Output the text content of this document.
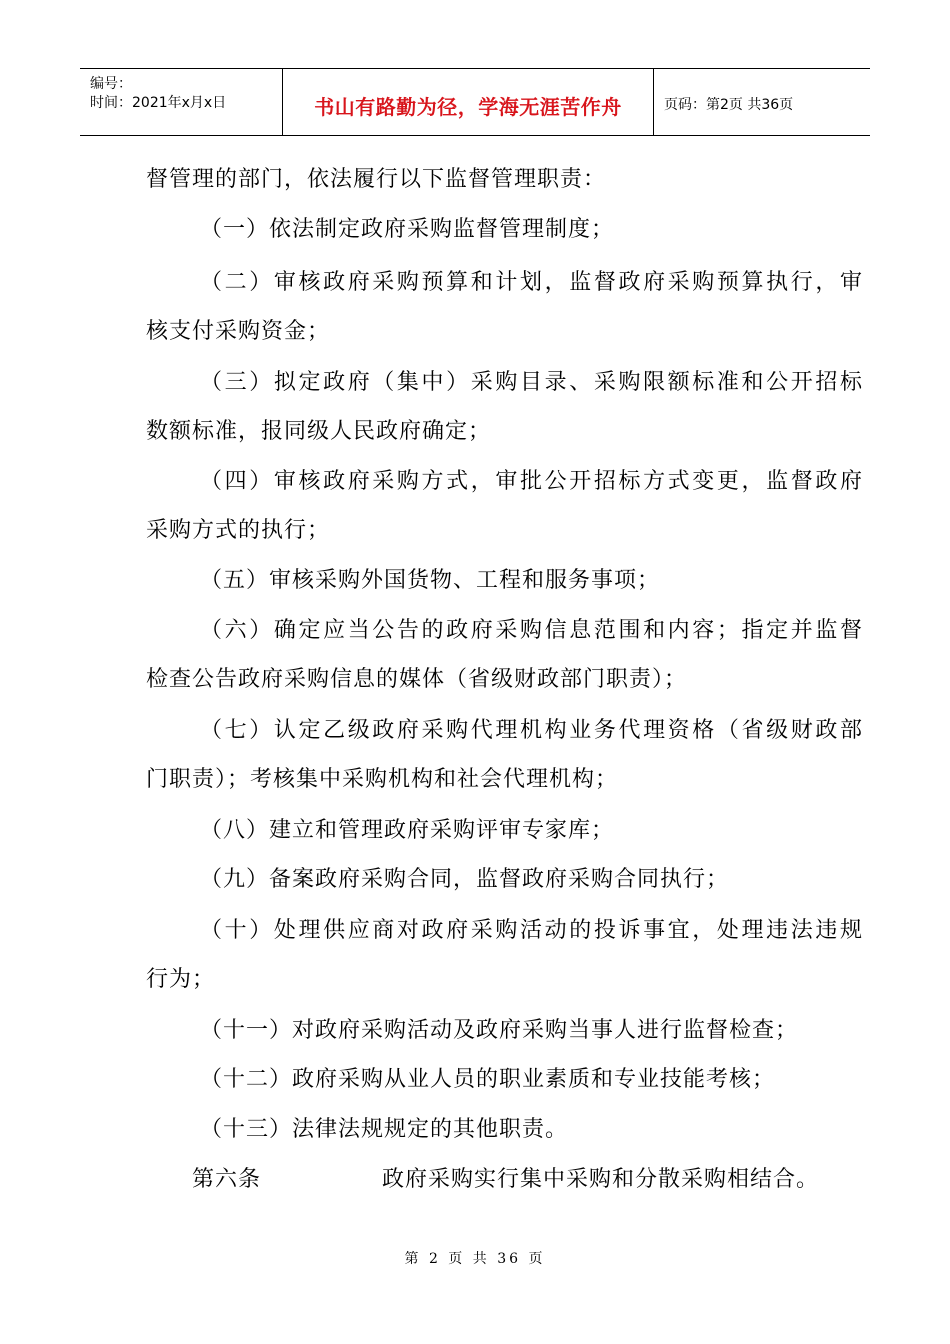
编号：
时间：2021年x月x日	书山有路勤为径，学海无涯苦作舟	页码：第2页 共36页
督管理的部门，依法履行以下监督管理职责：
（一）依法制定政府采购监督管理制度；
（二）审核政府采购预算和计划，监督政府采购预算执行，审
核支付采购资金；
（三）拟定政府（集中）采购目录、采购限额标准和公开招标
数额标准，报同级人民政府确定；
（四）审核政府采购方式，审批公开招标方式变更，监督政府
采购方式的执行；
（五）审核采购外国货物、工程和服务事项；
（六）确定应当公告的政府采购信息范围和内容；指定并监督
检查公告政府采购信息的媒体（省级财政部门职责）；
（七）认定乙级政府采购代理机构业务代理资格（省级财政部
门职责）；考核集中采购机构和社会代理机构；
（八）建立和管理政府采购评审专家库；
（九）备案政府采购合同，监督政府采购合同执行；
（十）处理供应商对政府采购活动的投诉事宜，处理违法违规
行为；
（十一）对政府采购活动及政府采购当事人进行监督检查；
（十二）政府采购从业人员的职业素质和专业技能考核；
（十三）法律法规规定的其他职责。
第六条	政府采购实行集中采购和分散采购相结合。
第 2 页 共 36 页
